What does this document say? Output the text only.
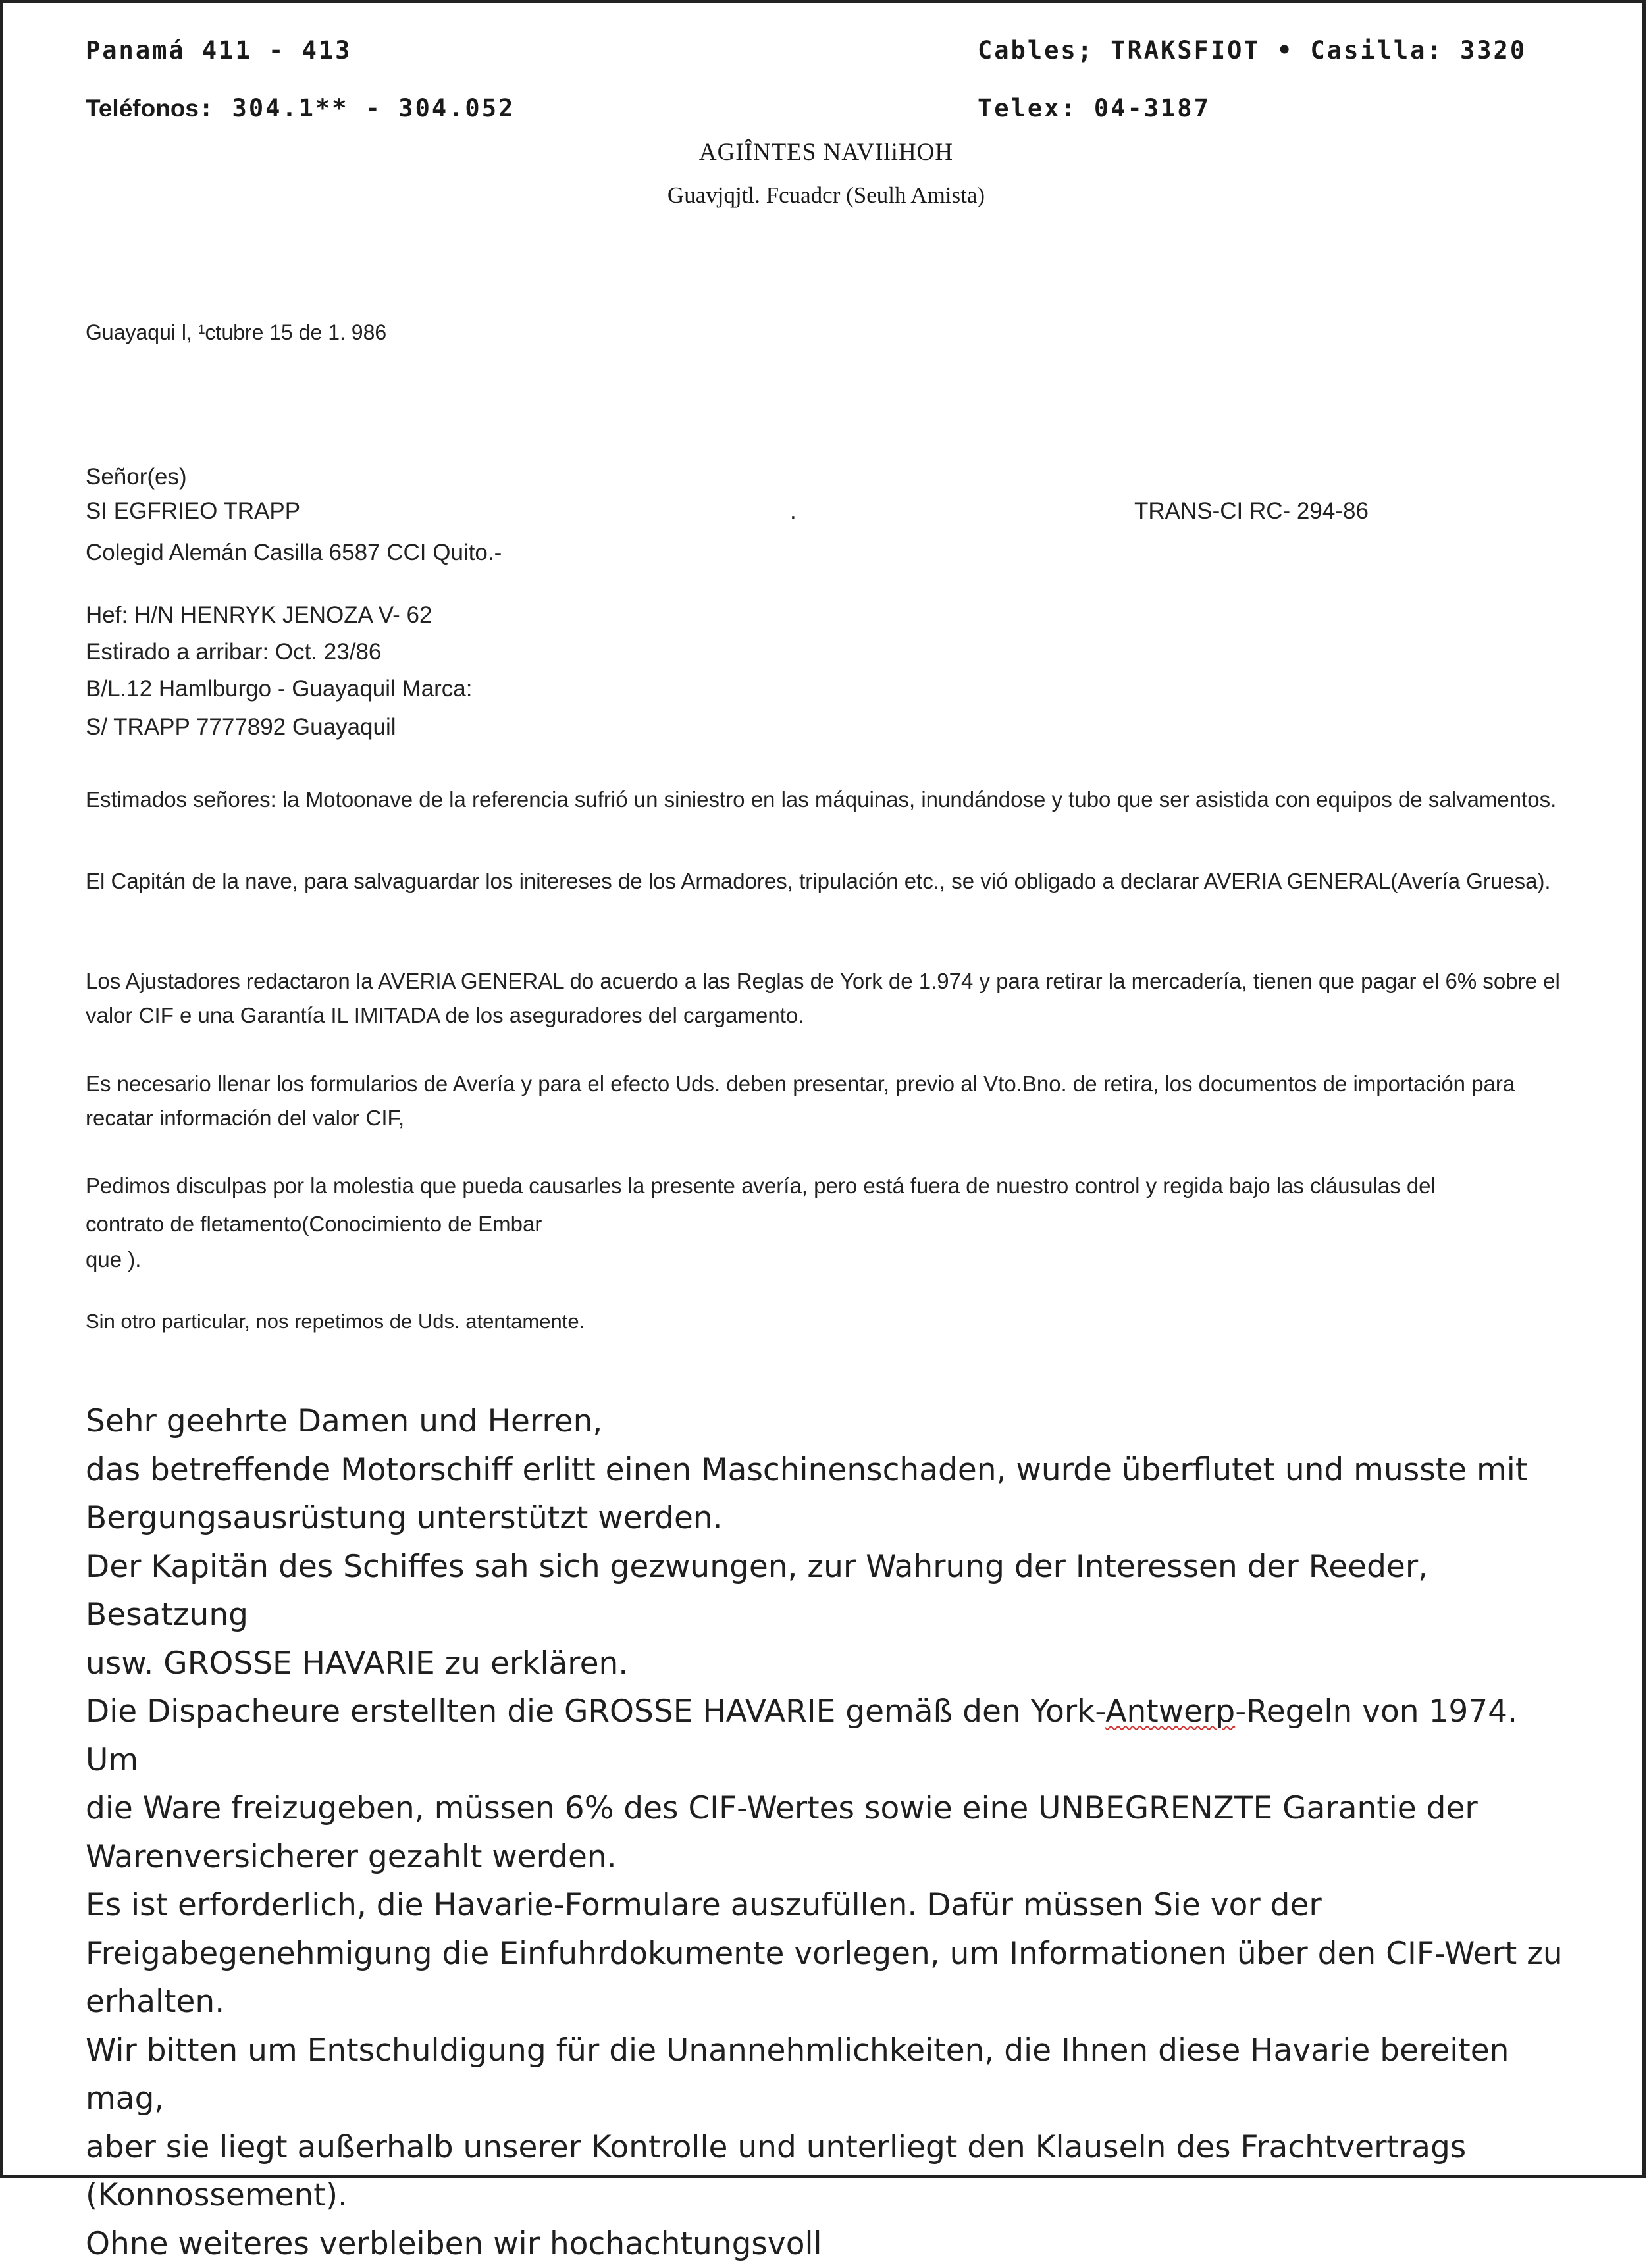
Panamá 411 - 413	Cables; TRAKSFIOT • Casilla: 3320
Teléfonos: 304.1** - 304.052	Telex: 04-3187
AGIÎNTES NAVIliHOH
Guavjqjtl. Fcuadcr (Seulh Amista)
Guayaqui l, ¹ctubre 15 de 1. 986
Señor(es)
SI EGFRIEO TRAPP	.	TRANS-CI RC- 294-86
Colegid Alemán Casilla 6587 CCI Quito.-
Hef: H/N HENRYK JENOZA V- 62
Estirado a arribar: Oct. 23/86
B/L.12 Hamlburgo - Guayaquil Marca:
S/ TRAPP 7777892 Guayaquil
Estimados señores: la Motoonave de la referencia sufrió un siniestro en las máquinas, inundándose y tubo que ser asistida con equipos de salvamentos.
El Capitán de la nave, para salvaguardar los initereses de los Armadores, tripulación etc., se vió obligado a declarar AVERIA GENERAL(Avería Gruesa).
Los Ajustadores redactaron la AVERIA GENERAL do acuerdo a las Reglas de York de 1.974 y para retirar la mercadería, tienen que pagar el 6% sobre el valor CIF e una Garantía IL IMITADA de los aseguradores del cargamento.
Es necesario llenar los formularios de Avería y para el efecto Uds. deben presentar, previo al Vto.Bno. de retira, los documentos de importación para recatar información del valor CIF,
Pedimos disculpas por la molestia que pueda causarles la presente avería, pero está fuera de nuestro control y regida bajo las cláusulas del
contrato de fletamento(Conocimiento de Embar
que ).
Sin otro particular, nos repetimos de Uds. atentamente.
Sehr geehrte Damen und Herren,
das betreffende Motorschiff erlitt einen Maschinenschaden, wurde überflutet und musste mit
Bergungsausrüstung unterstützt werden.
Der Kapitän des Schiffes sah sich gezwungen, zur Wahrung der Interessen der Reeder, Besatzung
usw. GROSSE HAVARIE zu erklären.
Die Dispacheure erstellten die GROSSE HAVARIE gemäß den York-Antwerp-Regeln von 1974. Um
die Ware freizugeben, müssen 6% des CIF-Wertes sowie eine UNBEGRENZTE Garantie der
Warenversicherer gezahlt werden.
Es ist erforderlich, die Havarie-Formulare auszufüllen. Dafür müssen Sie vor der
Freigabegenehmigung die Einfuhrdokumente vorlegen, um Informationen über den CIF-Wert zu
erhalten.
Wir bitten um Entschuldigung für die Unannehmlichkeiten, die Ihnen diese Havarie bereiten mag,
aber sie liegt außerhalb unserer Kontrolle und unterliegt den Klauseln des Frachtvertrags
(Konnossement).
Ohne weiteres verbleiben wir hochachtungsvoll
